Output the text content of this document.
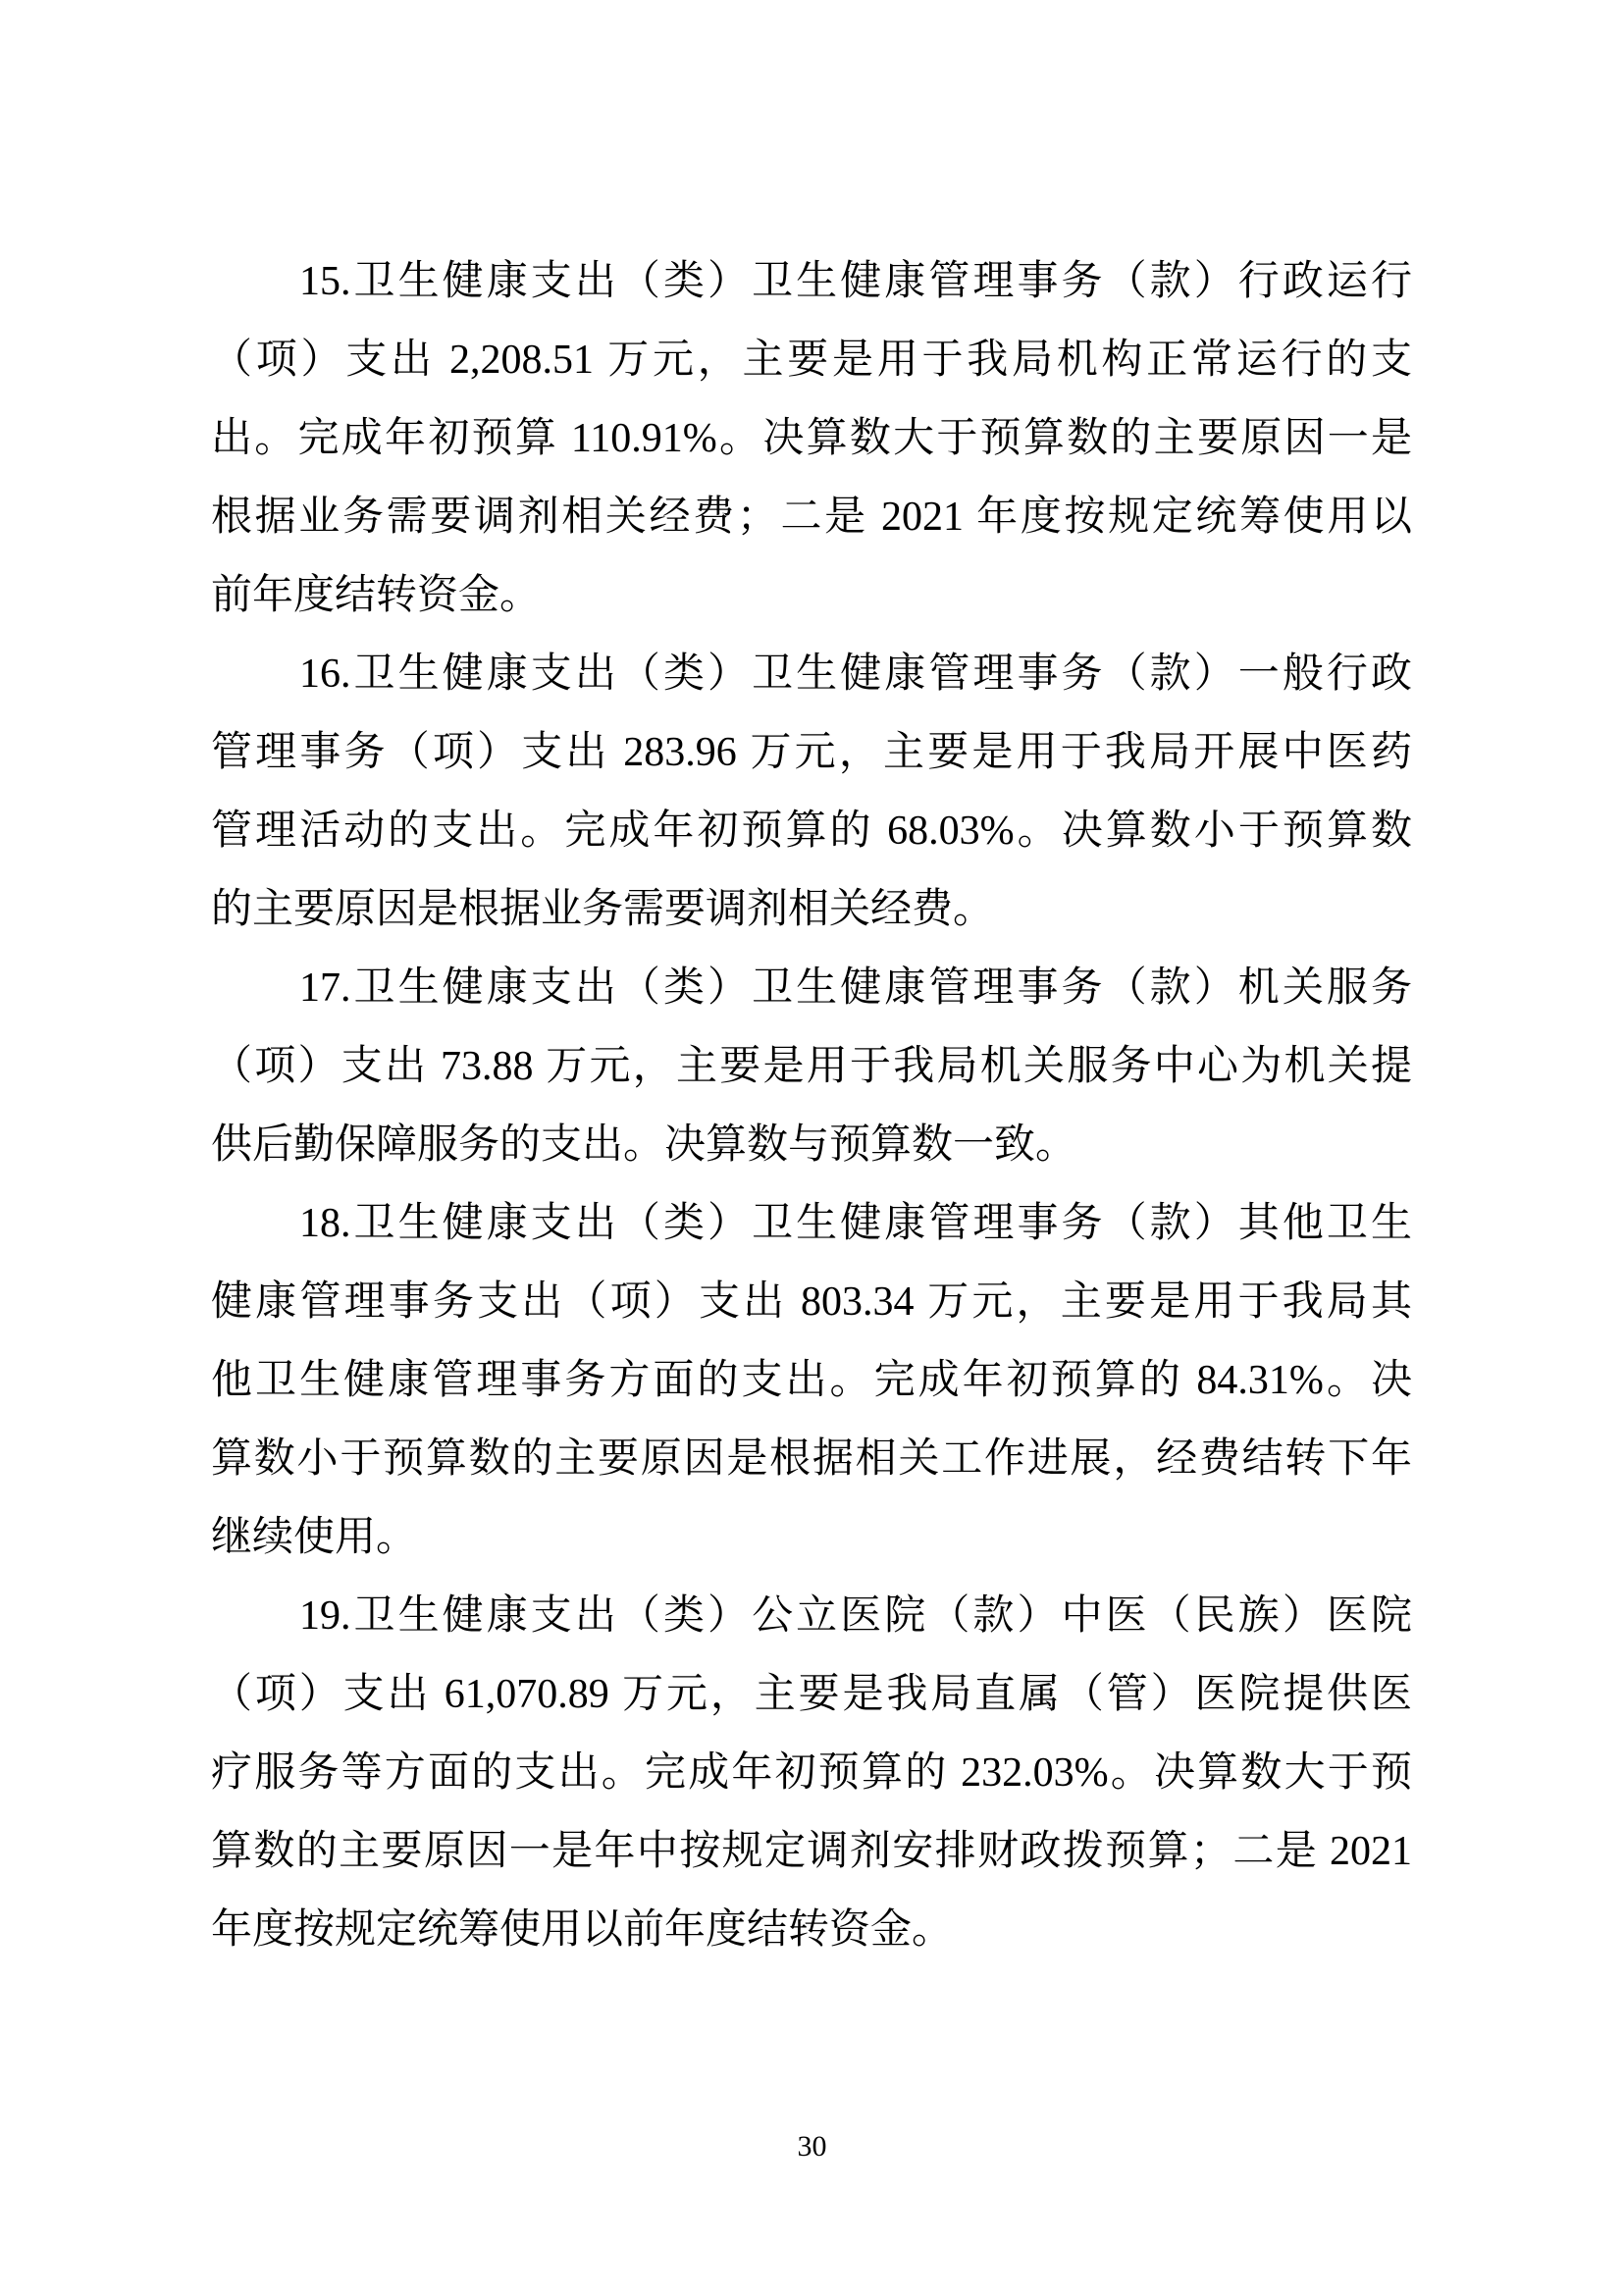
15.卫生健康支出（类）卫生健康管理事务（款）行政运行
（项）支出 2,208.51 万元，主要是用于我局机构正常运行的支
出。完成年初预算 110.91%。决算数大于预算数的主要原因一是
根据业务需要调剂相关经费；二是 2021 年度按规定统筹使用以
前年度结转资金。
16.卫生健康支出（类）卫生健康管理事务（款）一般行政
管理事务（项）支出 283.96 万元，主要是用于我局开展中医药
管理活动的支出。完成年初预算的 68.03%。决算数小于预算数
的主要原因是根据业务需要调剂相关经费。
17.卫生健康支出（类）卫生健康管理事务（款）机关服务
（项）支出 73.88 万元，主要是用于我局机关服务中心为机关提
供后勤保障服务的支出。决算数与预算数一致。
18.卫生健康支出（类）卫生健康管理事务（款）其他卫生
健康管理事务支出（项）支出 803.34 万元，主要是用于我局其
他卫生健康管理事务方面的支出。完成年初预算的 84.31%。决
算数小于预算数的主要原因是根据相关工作进展，经费结转下年
继续使用。
19.卫生健康支出（类）公立医院（款）中医（民族）医院
（项）支出 61,070.89 万元，主要是我局直属（管）医院提供医
疗服务等方面的支出。完成年初预算的 232.03%。决算数大于预
算数的主要原因一是年中按规定调剂安排财政拨预算；二是 2021
年度按规定统筹使用以前年度结转资金。
30
